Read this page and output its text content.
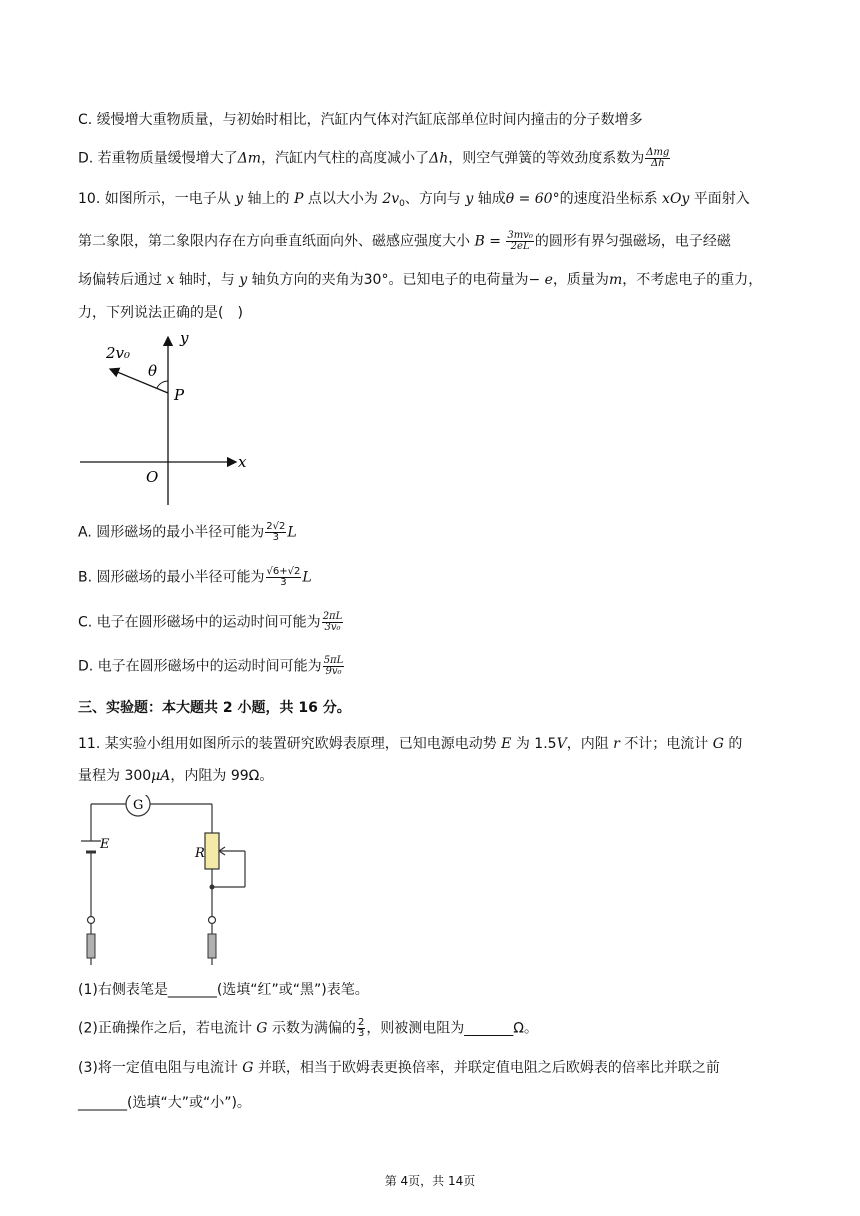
C. 缓慢增大重物质量，与初始时相比，汽缸内气体对汽缸底部单位时间内撞击的分子数增多
D. 若重物质量缓慢增大了Δm，汽缸内气柱的高度减小了Δh，则空气弹簧的等效劲度系数为 $\frac{\text{Δmg}}{\Delta h}$
10. 如图所示，一电子从 y 轴上的 P 点以大小为 $2v_0$、方向与 y 轴成θ = 60°的速度沿坐标系 xOy 平面射入
第二象限，第二象限内存在方向垂直纸面向外、磁感应强度大小 $B = \frac{\text{3mv₀}}{2eL}$ 的圆形有界匀强磁场，电子经磁
场偏转后通过 x 轴时，与 y 轴负方向的夹角为30°。已知电子的电荷量为− e，质量为m，不考虑电子的重力，
力，下列说法正确的是(　)
2v₀
θ
P
y
x
O
A. 圆形磁场的最小半径可能为 $\frac{2√2}{3}$ L
B. 圆形磁场的最小半径可能为 $\frac{√6+√2}{3}$ L
C. 电子在圆形磁场中的运动时间可能为 $\frac{2\pi L}{\text{3v₀}}$
D. 电子在圆形磁场中的运动时间可能为 $\frac{5\pi L}{\text{9v₀}}$
三、实验题：本大题共 2 小题，共 16 分。
11. 某实验小组用如图所示的装置研究欧姆表原理，已知电源电动势 E 为 1.5V，内阻 r 不计；电流计 G 的
量程为 300μA，内阻为 99Ω。
G
E
R
(1)右侧表笔是_______(选填“红”或“黑”)表笔。
(2)正确操作之后，若电流计 G 示数为满偏的 $\frac{2}{3}$ ，则被测电阻为_______Ω。
(3)将一定值电阻与电流计 G 并联，相当于欧姆表更换倍率，并联定值电阻之后欧姆表的倍率比并联之前
_______(选填“大”或“小”)。
第 4页，共 14页
